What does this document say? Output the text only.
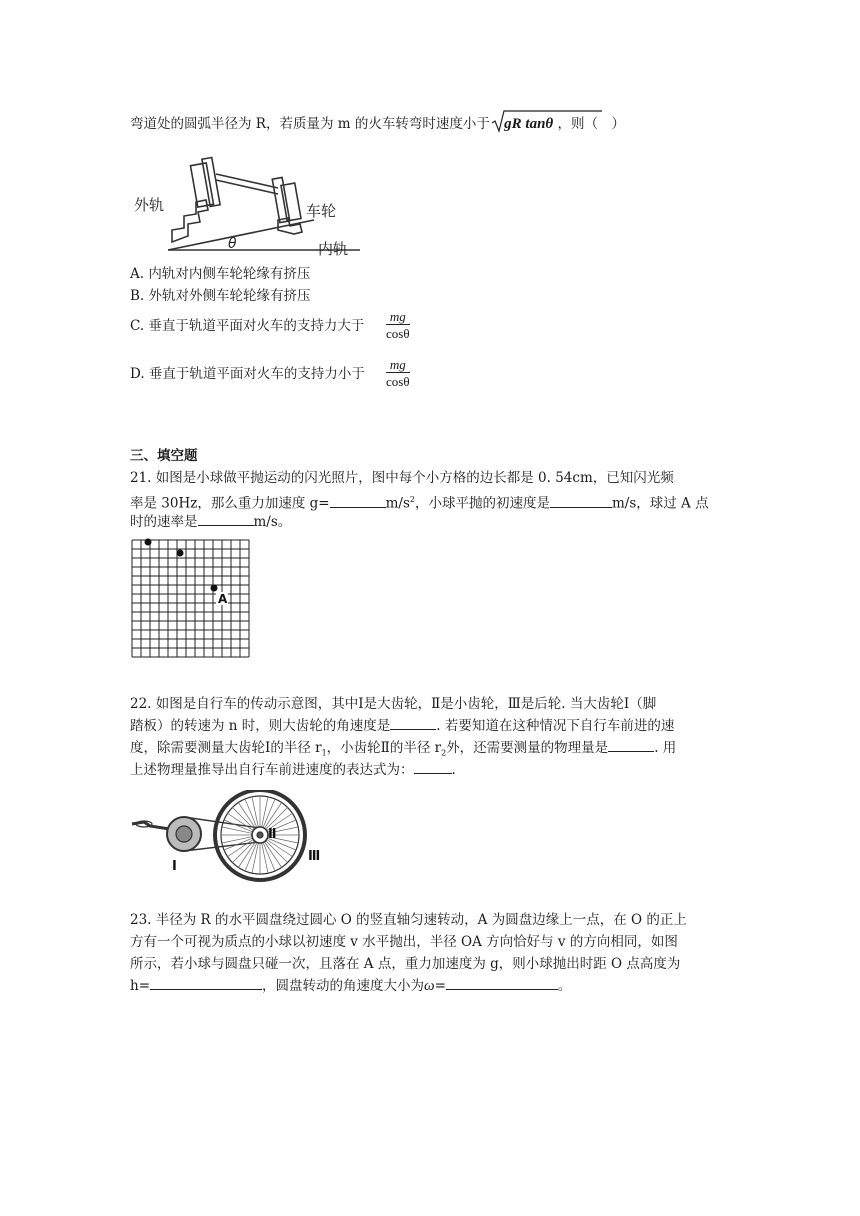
弯道处的圆弧半径为 R，若质量为 m 的火车转弯时速度小于 gR tanθ ，则（　）
外轨	车轮
内轨
θ
A. 内轨对内侧车轮轮缘有挤压
B. 外轨对外侧车轮轮缘有挤压
C. 垂直于轨道平面对火车的支持力大于 $\frac{mg}{\cos\theta}$
D. 垂直于轨道平面对火车的支持力小于 $\frac{mg}{\cos\theta}$
三、填空题
21. 如图是小球做平抛运动的闪光照片，图中每个小方格的边长都是 0. 54cm，已知闪光频
率是 30Hz，那么重力加速度 g=	$m/s^2$，小球平抛的初速度是	m/s，球过 A 点
时的速率是	m/s。
A
22. 如图是自行车的传动示意图，其中Ⅰ是大齿轮，Ⅱ是小齿轮，Ⅲ是后轮. 当大齿轮Ⅰ（脚
踏板）的转速为 n 时，则大齿轮的角速度是	. 若要知道在这种情况下自行车前进的速
度，除需要测量大齿轮Ⅰ的半径 $r_1$，小齿轮Ⅱ的半径 $r_2$外，还需要测量的物理量是	. 用
上述物理量推导出自行车前进速度的表达式为：	.
Ⅰ
Ⅱ
Ⅲ
23. 半径为 R 的水平圆盘绕过圆心 O 的竖直轴匀速转动，A 为圆盘边缘上一点，在 O 的正上
方有一个可视为质点的小球以初速度 v 水平抛出，半径 OA 方向恰好与 v 的方向相同，如图
所示，若小球与圆盘只碰一次，且落在 A 点，重力加速度为 g，则小球抛出时距 O 点高度为
h=	，圆盘转动的角速度大小为ω=	。
